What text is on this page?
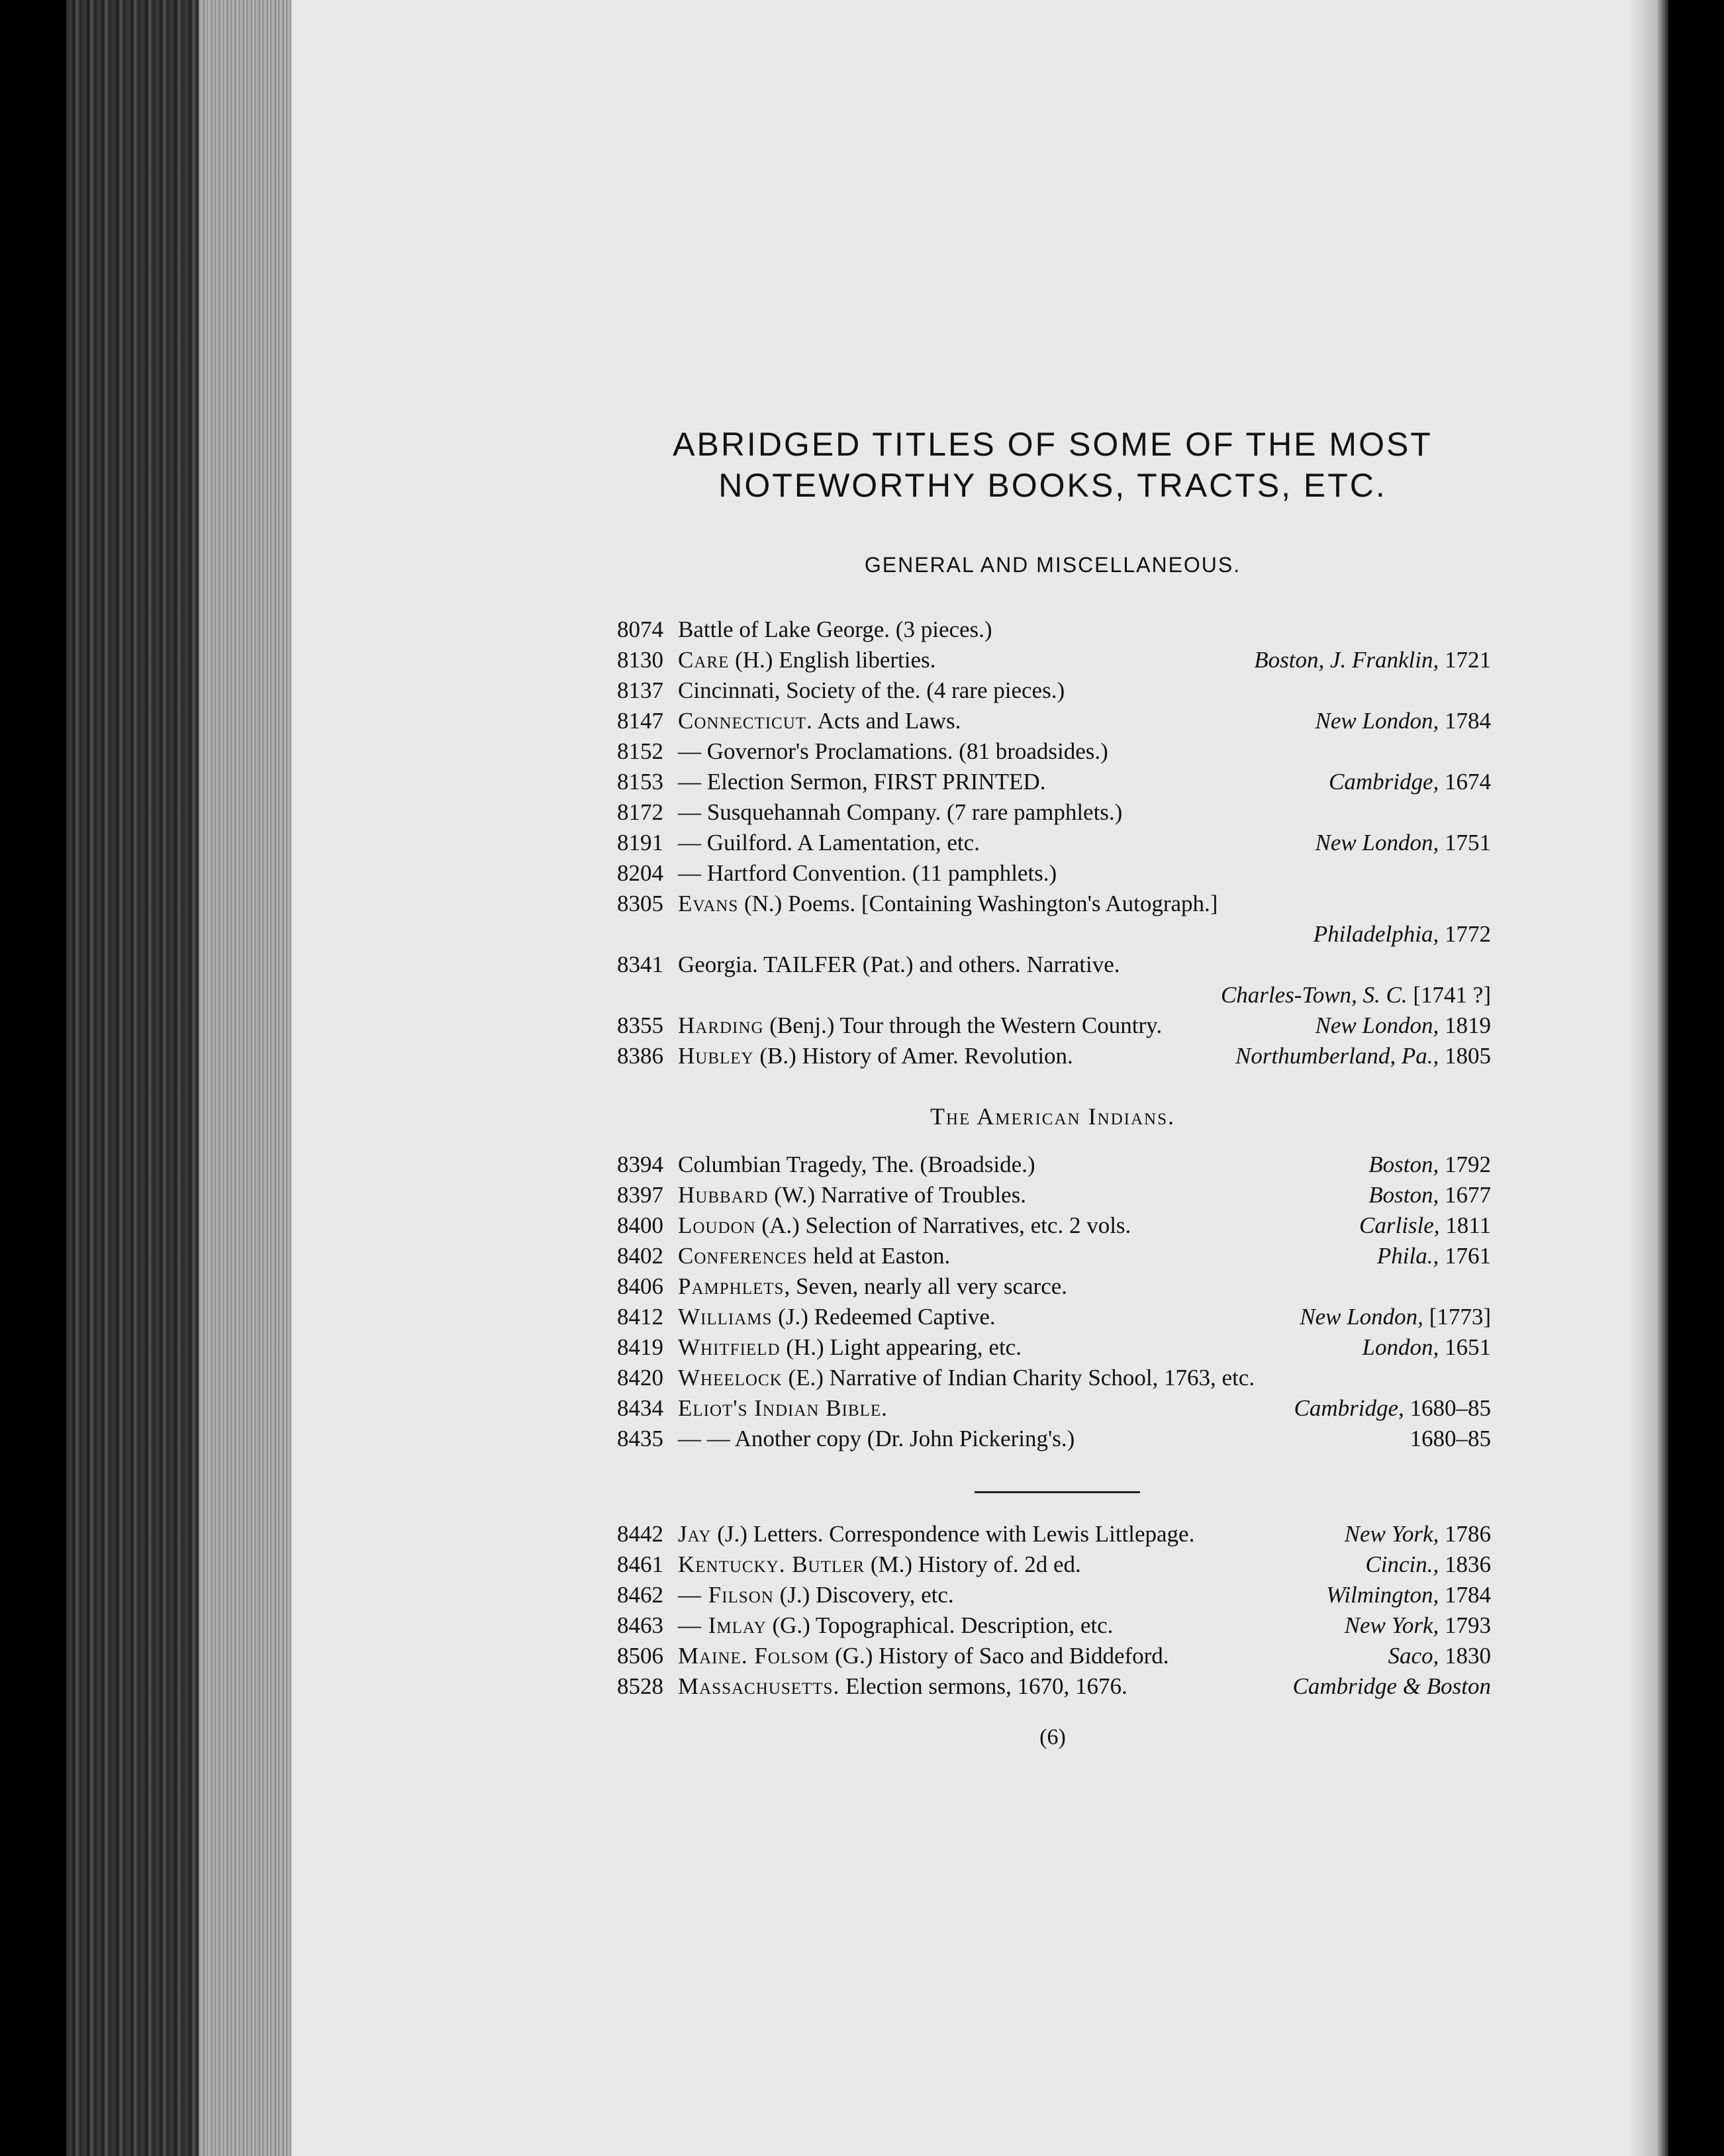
ABRIDGED TITLES OF SOME OF THE MOST
NOTEWORTHY BOOKS, TRACTS, ETC.
GENERAL AND MISCELLANEOUS.
8074 Battle of Lake George. (3 pieces.)
8130 Care (H.) English liberties.	Boston, J. Franklin, 1721
8137 Cincinnati, Society of the. (4 rare pieces.)
8147 Connecticut. Acts and Laws.	New London, 1784
8152 — Governor's Proclamations. (81 broadsides.)
8153 — Election Sermon, FIRST PRINTED.	Cambridge, 1674
8172 — Susquehannah Company. (7 rare pamphlets.)
8191 — Guilford. A Lamentation, etc.	New London, 1751
8204 — Hartford Convention. (11 pamphlets.)
8305 Evans (N.) Poems. [Containing Washington's Autograph.]
Philadelphia, 1772
8341 Georgia. TAILFER (Pat.) and others. Narrative.
Charles-Town, S. C. [1741 ?]
8355 Harding (Benj.) Tour through the Western Country.	New London, 1819
8386 Hubley (B.) History of Amer. Revolution.	Northumberland, Pa., 1805
The American Indians.
8394 Columbian Tragedy, The. (Broadside.)	Boston, 1792
8397 Hubbard (W.) Narrative of Troubles.	Boston, 1677
8400 Loudon (A.) Selection of Narratives, etc. 2 vols.	Carlisle, 1811
8402 Conferences held at Easton.	Phila., 1761
8406 Pamphlets, Seven, nearly all very scarce.
8412 Williams (J.) Redeemed Captive.	New London, [1773]
8419 Whitfield (H.) Light appearing, etc.	London, 1651
8420 Wheelock (E.) Narrative of Indian Charity School, 1763, etc.
8434 Eliot's Indian Bible.	Cambridge, 1680–85
8435 — — Another copy (Dr. John Pickering's.)	1680–85
8442 Jay (J.) Letters. Correspondence with Lewis Littlepage.	New York, 1786
8461 Kentucky. Butler (M.) History of. 2d ed.	Cincin., 1836
8462 — Filson (J.) Discovery, etc.	Wilmington, 1784
8463 — Imlay (G.) Topographical. Description, etc.	New York, 1793
8506 Maine. Folsom (G.) History of Saco and Biddeford.	Saco, 1830
8528 Massachusetts. Election sermons, 1670, 1676.	Cambridge & Boston
(6)
